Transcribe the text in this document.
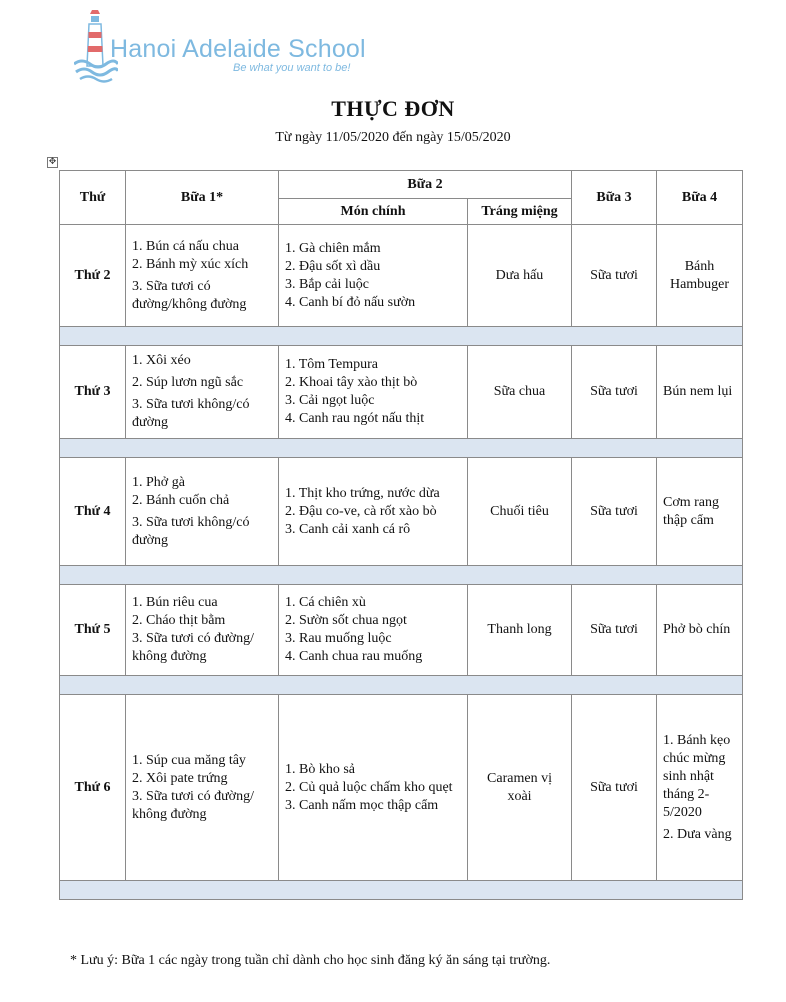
Hanoi Adelaide School
Be what you want to be!
THỰC ĐƠN
Từ ngày 11/05/2020 đến ngày 15/05/2020
✥
Thứ	Bữa 1*	Bữa 2		Bữa 3	Bữa 4
		Món chính	Tráng miệng		
Thứ 2	1. Bún cá nấu chua
2. Bánh mỳ xúc xích
3. Sữa tươi có đường/không đường	1. Gà chiên mắm
2. Đậu sốt xì dầu
3. Bắp cải luộc
4. Canh bí đỏ nấu sườn	Dưa hấu	Sữa tươi	Bánh Hambuger

Thứ 3	1. Xôi xéo
2. Súp lươn ngũ sắc
3. Sữa tươi không/có đường	1. Tôm Tempura
2. Khoai tây xào thịt bò
3. Cải ngọt luộc
4. Canh rau ngót nấu thịt	Sữa chua	Sữa tươi	Bún nem lụi

Thứ 4	1. Phở gà
2. Bánh cuốn chả
3. Sữa tươi không/có đường	1. Thịt kho trứng, nước dừa
2. Đậu co-ve, cà rốt xào bò
3. Canh cải xanh cá rô	Chuối tiêu	Sữa tươi	Cơm rang thập cẩm

Thứ 5	1. Bún riêu cua
2. Cháo thịt bằm
3. Sữa tươi có đường/ không đường	1. Cá chiên xù
2. Sườn sốt chua ngọt
3. Rau muống luộc
4. Canh chua rau muống	Thanh long	Sữa tươi	Phở bò chín

Thứ 6	1. Súp cua măng tây
2. Xôi pate trứng
3. Sữa tươi có đường/ không đường	1. Bò kho sả
2. Củ quả luộc chấm kho quẹt
3. Canh nấm mọc thập cẩm	Caramen vị xoài	Sữa tươi	1. Bánh kẹo chúc mừng sinh nhật tháng 2-5/2020
2. Dưa vàng

* Lưu ý: Bữa 1 các ngày trong tuần chỉ dành cho học sinh đăng ký ăn sáng tại trường.
